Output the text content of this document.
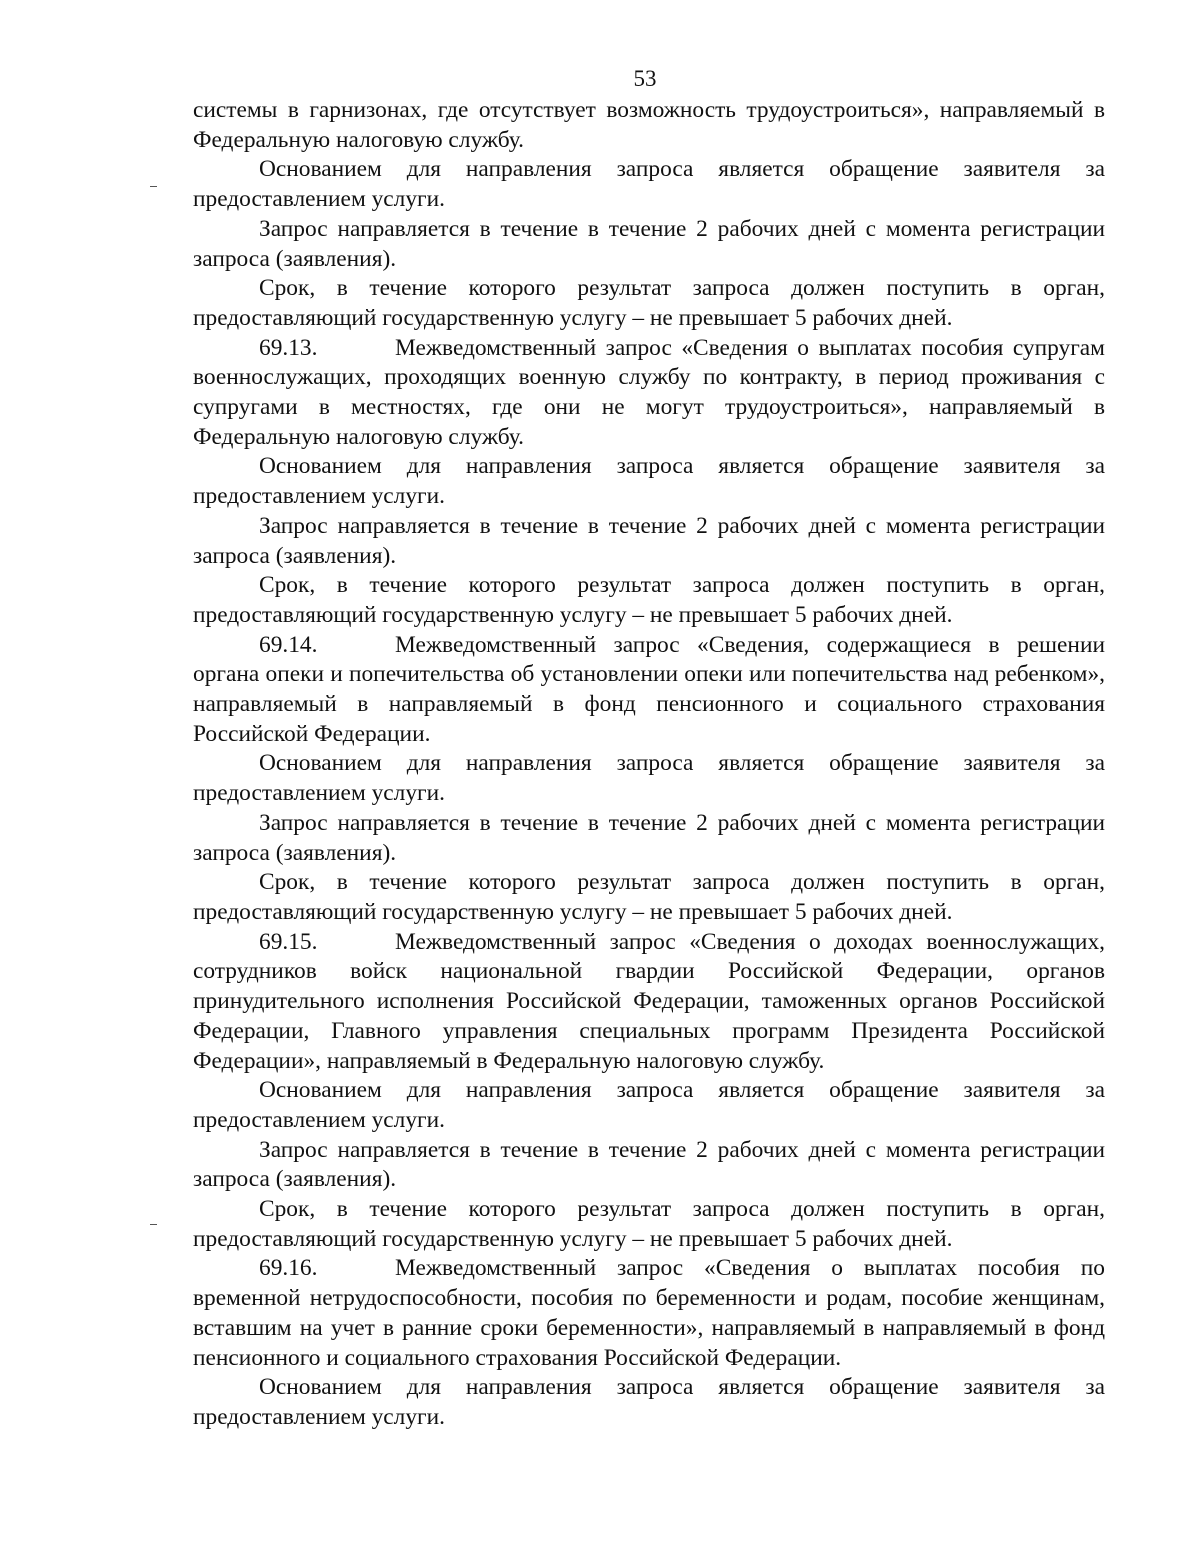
53

системы в гарнизонах, где отсутствует возможность трудоустроиться», направляемый в Федеральную налоговую службу.

Основанием для направления запроса является обращение заявителя за предоставлением услуги.

Запрос направляется в течение в течение 2 рабочих дней с момента регистрации запроса (заявления).

Срок, в течение которого результат запроса должен поступить в орган, предоставляющий государственную услугу – не превышает 5 рабочих дней.

69.13.	Межведомственный запрос «Сведения о выплатах пособия супругам военнослужащих, проходящих военную службу по контракту, в период проживания с супругами в местностях, где они не могут трудоустроиться», направляемый в Федеральную налоговую службу.

Основанием для направления запроса является обращение заявителя за предоставлением услуги.

Запрос направляется в течение в течение 2 рабочих дней с момента регистрации запроса (заявления).

Срок, в течение которого результат запроса должен поступить в орган, предоставляющий государственную услугу – не превышает 5 рабочих дней.

69.14.	Межведомственный запрос «Сведения, содержащиеся в решении органа опеки и попечительства об установлении опеки или попечительства над ребенком», направляемый в направляемый в фонд пенсионного и социального страхования Российской Федерации.

Основанием для направления запроса является обращение заявителя за предоставлением услуги.

Запрос направляется в течение в течение 2 рабочих дней с момента регистрации запроса (заявления).

Срок, в течение которого результат запроса должен поступить в орган, предоставляющий государственную услугу – не превышает 5 рабочих дней.

69.15.	Межведомственный запрос «Сведения о доходах военнослужащих, сотрудников войск национальной гвардии Российской Федерации, органов принудительного исполнения Российской Федерации, таможенных органов Российской Федерации, Главного управления специальных программ Президента Российской Федерации», направляемый в Федеральную налоговую службу.

Основанием для направления запроса является обращение заявителя за предоставлением услуги.

Запрос направляется в течение в течение 2 рабочих дней с момента регистрации запроса (заявления).

Срок, в течение которого результат запроса должен поступить в орган, предоставляющий государственную услугу – не превышает 5 рабочих дней.

69.16.	Межведомственный запрос «Сведения о выплатах пособия по временной нетрудоспособности, пособия по беременности и родам, пособие женщинам, вставшим на учет в ранние сроки беременности», направляемый в направляемый в фонд пенсионного и социального страхования Российской Федерации.

Основанием для направления запроса является обращение заявителя за предоставлением услуги.
